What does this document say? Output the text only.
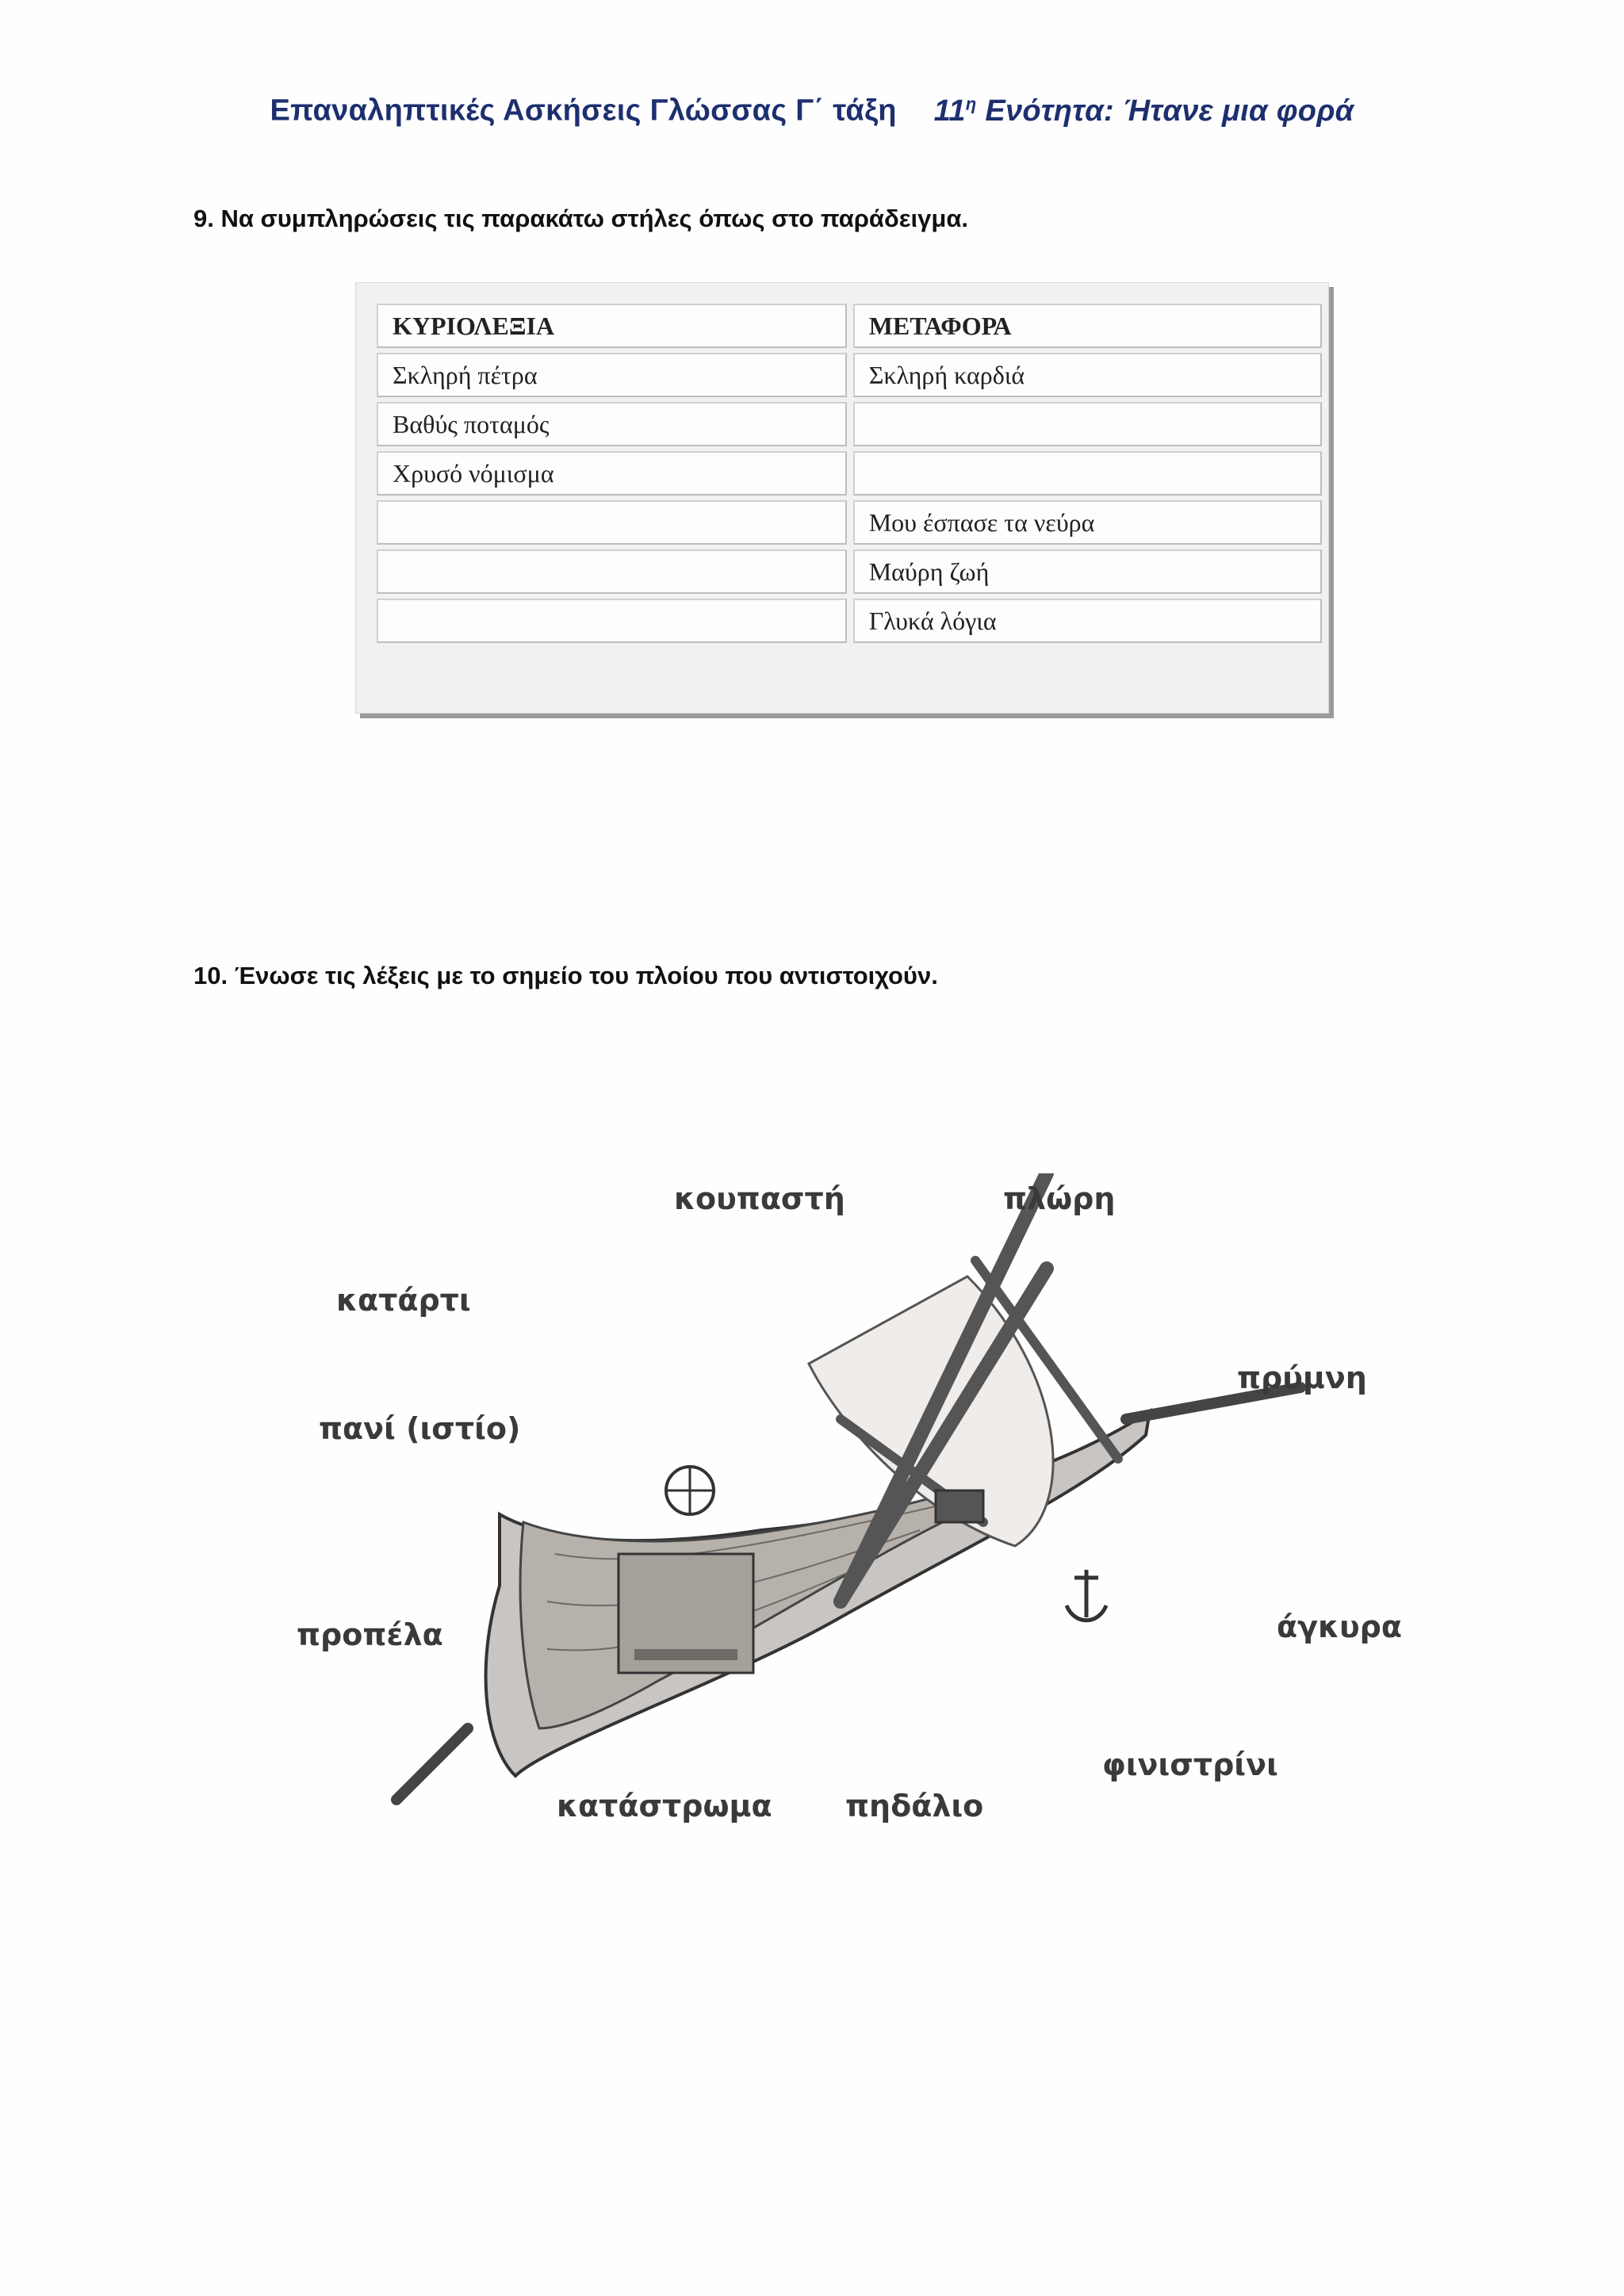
Επαναληπτικές Ασκήσεις Γλώσσας Γ΄ τάξη $11^\eta$ Ενότητα: Ήτανε μια φορά
9. Να συμπληρώσεις τις παρακάτω στήλες όπως στο παράδειγμα.
ΚΥΡΙΟΛΕΞΙΑ	ΜΕΤΑΦΟΡΑ
Σκληρή πέτρα	Σκληρή καρδιά
Βαθύς ποταμός	
Χρυσό νόμισμα	
	Μου έσπασε τα νεύρα
	Μαύρη ζωή
	Γλυκά λόγια
10. Ένωσε τις λέξεις με το σημείο του πλοίου που αντιστοιχούν.
κουπαστή	πλώρη
κατάρτι
πρύμνη
πανί (ιστίο)
προπέλα	άγκυρα
φινιστρίνι
κατάστρωμα πηδάλιο
